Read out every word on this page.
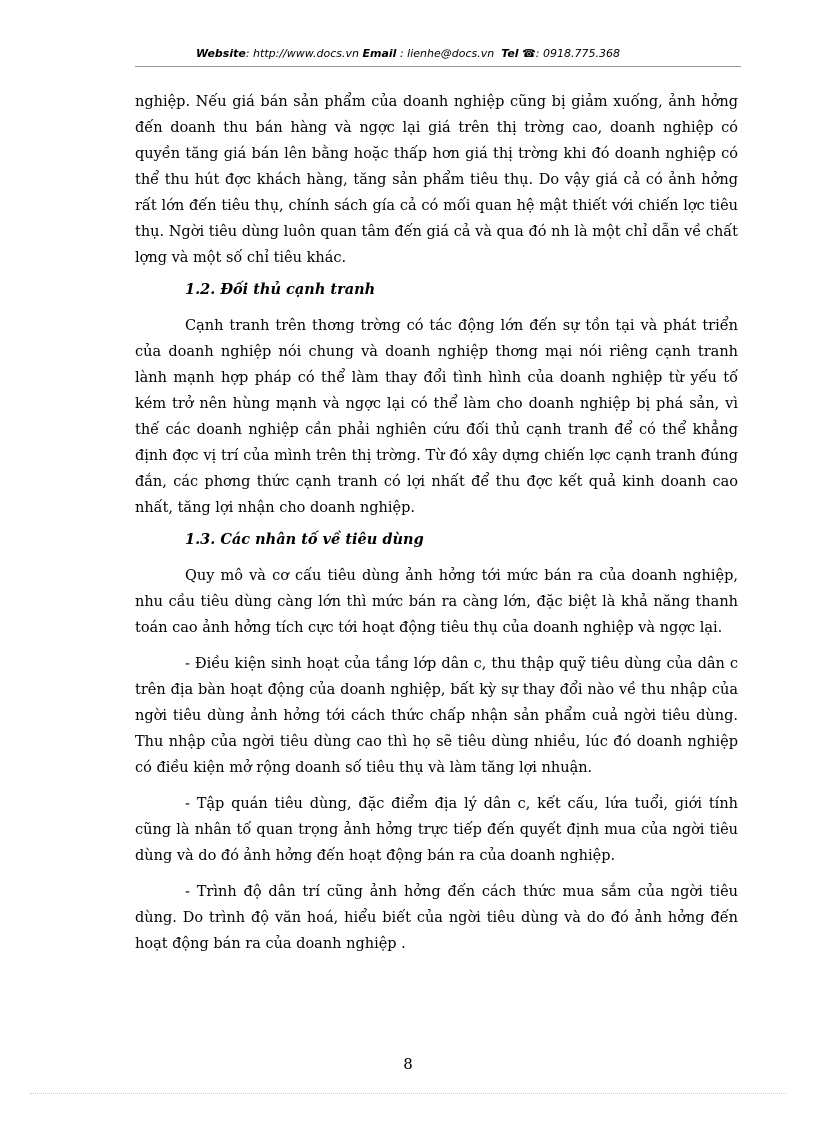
Website: http://www.docs.vn Email : lienhe@docs.vn Tel ☎: 0918.775.368

nghiệp. Nếu giá bán sản phẩm của doanh nghiệp cũng bị giảm xuống, ảnh hởng đến doanh thu bán hàng và ngợc lại giá trên thị trờng cao, doanh nghiệp có quyền tăng giá bán lên bằng hoặc thấp hơn giá thị trờng khi đó doanh nghiệp có thể thu hút đợc khách hàng, tăng sản phẩm tiêu thụ. Do vậy giá cả có ảnh hởng rất lớn đến tiêu thụ, chính sách gía cả có mối quan hệ mật thiết với chiến lợc tiêu thụ. Ngời tiêu dùng luôn quan tâm đến giá cả và qua đó nh là một chỉ dẫn về chất lợng và một số chỉ tiêu khác.

1.2. Đối thủ cạnh tranh

Cạnh tranh trên thơng trờng có tác động lớn đến sự tồn tại và phát triển của doanh nghiệp nói chung và doanh nghiệp thơng mại nói riêng cạnh tranh lành mạnh hợp pháp có thể làm thay đổi tình hình của doanh nghiệp từ yếu tố kém trở nên hùng mạnh và ngợc lại có thể làm cho doanh nghiệp bị phá sản, vì thế các doanh nghiệp cần phải nghiên cứu đối thủ cạnh tranh để có thể khẳng định đợc vị trí của mình trên thị trờng. Từ đó xây dựng chiến lợc cạnh tranh đúng đắn, các phơng thức cạnh tranh có lợi nhất để thu đợc kết quả kinh doanh cao nhất, tăng lợi nhận cho doanh nghiệp.

1.3. Các nhân tố về tiêu dùng

Quy mô và cơ cấu tiêu dùng ảnh hởng tới mức bán ra của doanh nghiệp, nhu cầu tiêu dùng càng lớn thì mức bán ra càng lớn, đặc biệt là khả năng thanh toán cao ảnh hởng tích cực tới hoạt động tiêu thụ của doanh nghiệp và ngợc lại.

- Điều kiện sinh hoạt của tầng lớp dân c, thu thập quỹ tiêu dùng của dân c trên địa bàn hoạt động của doanh nghiệp, bất kỳ sự thay đổi nào về thu nhập của ngời tiêu dùng ảnh hởng tới cách thức chấp nhận sản phẩm cuả ngời tiêu dùng. Thu nhập của ngời tiêu dùng cao thì họ sẽ tiêu dùng nhiều, lúc đó doanh nghiệp có điều kiện mở rộng doanh số tiêu thụ và làm tăng lợi nhuận.

- Tập quán tiêu dùng, đặc điểm địa lý dân c, kết cấu, lứa tuổi, giới tính cũng là nhân tố quan trọng ảnh hởng trực tiếp đến quyết định mua của ngời tiêu dùng và do đó ảnh hởng đến hoạt động bán ra của doanh nghiệp.

- Trình độ dân trí cũng ảnh hởng đến cách thức mua sắm của ngời tiêu dùng. Do trình độ văn hoá, hiểu biết của ngời tiêu dùng và do đó ảnh hởng đến hoạt động bán ra của doanh nghiệp .

8
